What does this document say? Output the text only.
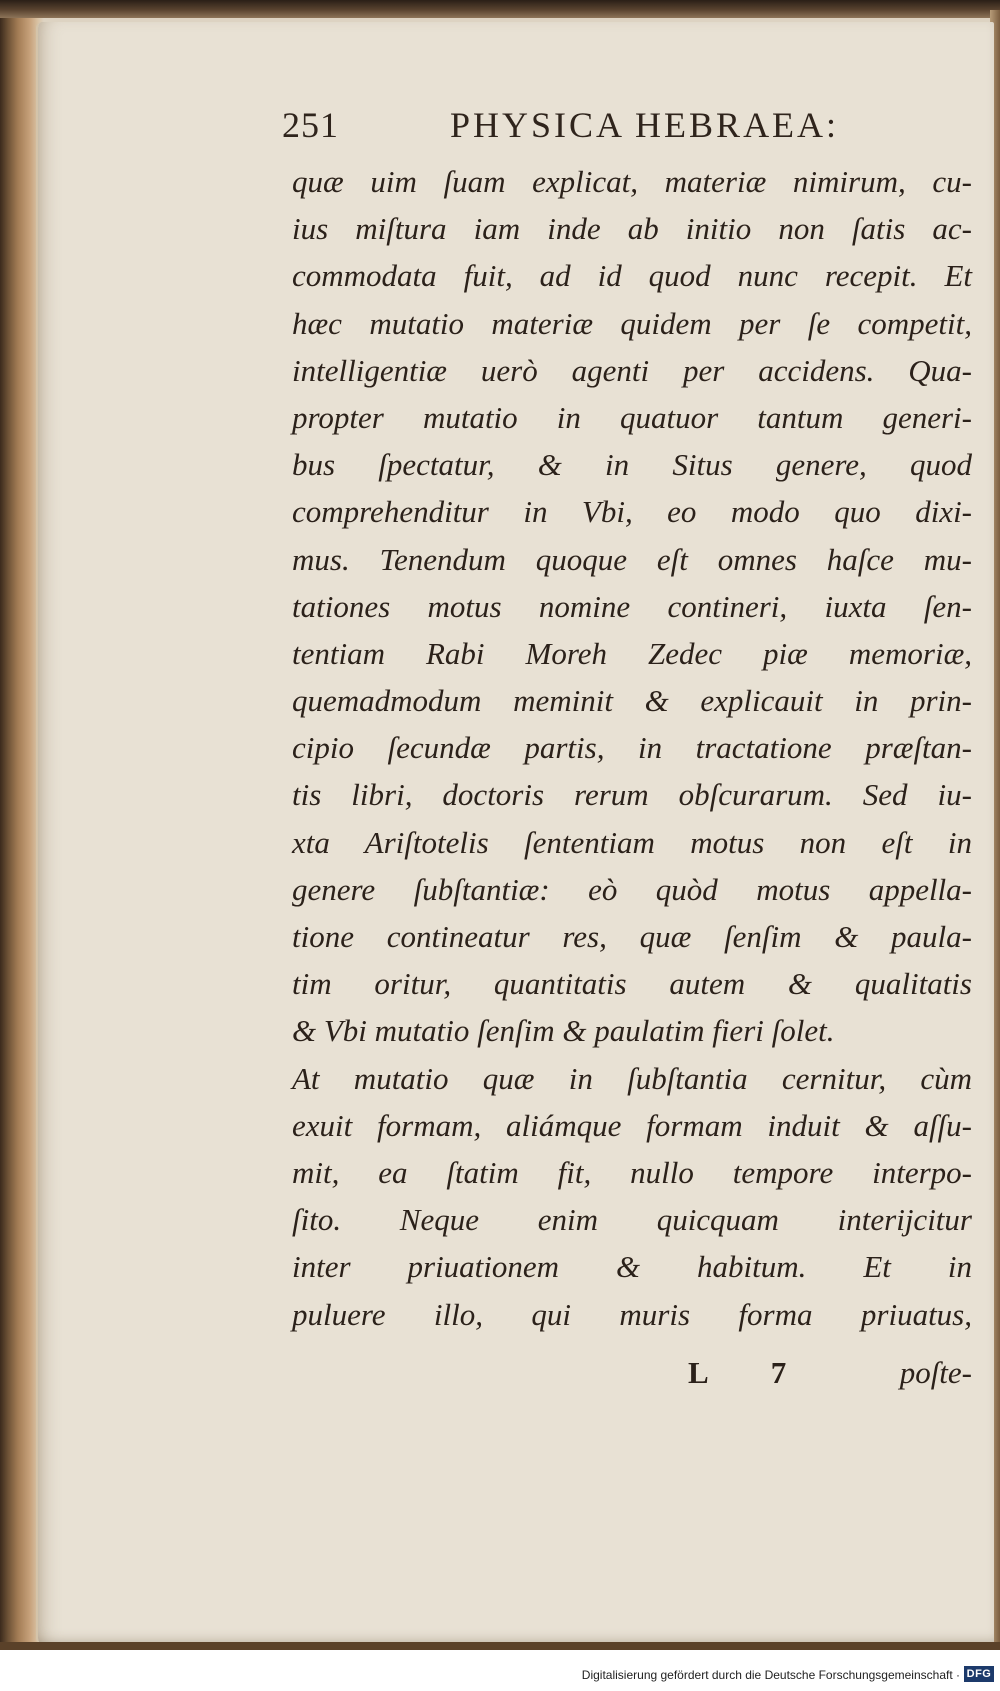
251	PHYSICA HEBRAEA:
quæ uim ſuam explicat, materiæ nimirum, cu-
ius miſtura iam inde ab initio non ſatis ac-
commodata fuit, ad id quod nunc recepit. Et
hæc mutatio materiæ quidem per ſe competit,
intelligentiæ uerò agenti per accidens. Qua-
propter mutatio in quatuor tantum generi-
bus ſpectatur, & in Situs genere, quod
comprehenditur in Vbi, eo modo quo dixi-
mus. Tenendum quoque eſt omnes haſce mu-
tationes motus nomine contineri, iuxta ſen-
tentiam Rabi Moreh Zedec piæ memoriæ,
quemadmodum meminit & explicauit in prin-
cipio ſecundæ partis, in tractatione præſtan-
tis libri, doctoris rerum obſcurarum. Sed iu-
xta Ariſtotelis ſententiam motus non eſt in
genere ſubſtantiæ: eò quòd motus appella-
tione contineatur res, quæ ſenſim & paula-
tim oritur, quantitatis autem & qualitatis
& Vbi mutatio ſenſim & paulatim fieri ſolet.
At mutatio quæ in ſubſtantia cernitur, cùm
exuit formam, aliámque formam induit & aſſu-
mit, ea ſtatim fit, nullo tempore interpo-
ſito. Neque enim quicquam interijcitur
inter priuationem & habitum. Et in
puluere illo, qui muris forma priuatus,
L 7	poſte-
Digitalisierung gefördert durch die Deutsche Forschungsgemeinschaft · DFG
